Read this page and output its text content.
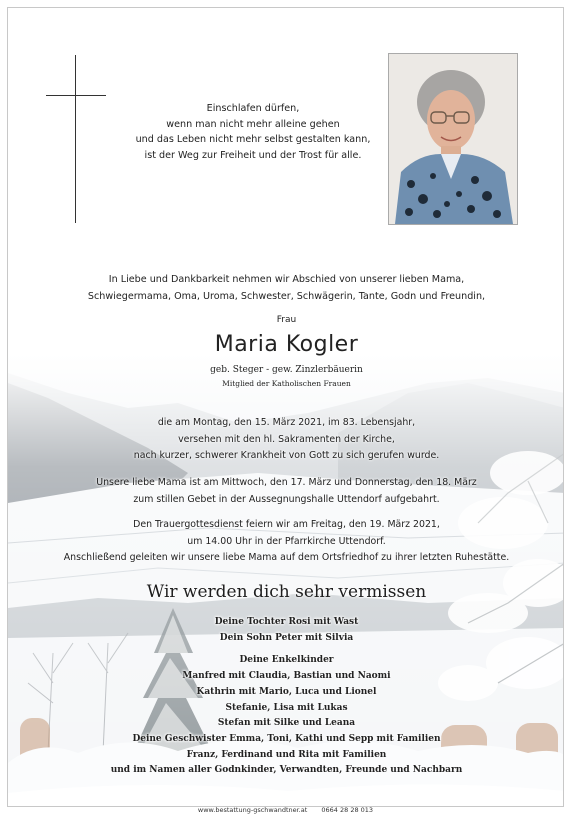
Einschlafen dürfen,
wenn man nicht mehr alleine gehen
und das Leben nicht mehr selbst gestalten kann,
ist der Weg zur Freiheit und der Trost für alle.
In Liebe und Dankbarkeit nehmen wir Abschied von unserer lieben Mama,
Schwiegermama, Oma, Uroma, Schwester, Schwägerin, Tante, Godn und Freundin,
Frau
Maria Kogler
geb. Steger - gew. Zinzlerbäuerin
Mitglied der Katholischen Frauen
die am Montag, den 15. März 2021, im 83. Lebensjahr,
versehen mit den hl. Sakramenten der Kirche,
nach kurzer, schwerer Krankheit von Gott zu sich gerufen wurde.
Unsere liebe Mama ist am Mittwoch, den 17. März und Donnerstag, den 18. März
zum stillen Gebet in der Aussegnungshalle Uttendorf aufgebahrt.
Den Trauergottesdienst feiern wir am Freitag, den 19. März 2021,
um 14.00 Uhr in der Pfarrkirche Uttendorf.
Anschließend geleiten wir unsere liebe Mama auf dem Ortsfriedhof zu ihrer letzten Ruhestätte.
Wir werden dich sehr vermissen
Deine Tochter Rosi mit Wast
Dein Sohn Peter mit Silvia
Deine Enkelkinder
Manfred mit Claudia, Bastian und Naomi
Kathrin mit Mario, Luca und Lionel
Stefanie, Lisa mit Lukas
Stefan mit Silke und Leana
Deine Geschwister Emma, Toni, Kathi und Sepp mit Familien
Franz, Ferdinand und Rita mit Familien
und im Namen aller Godnkinder, Verwandten, Freunde und Nachbarn
www.bestattung-gschwandtner.at 0664 28 28 013
